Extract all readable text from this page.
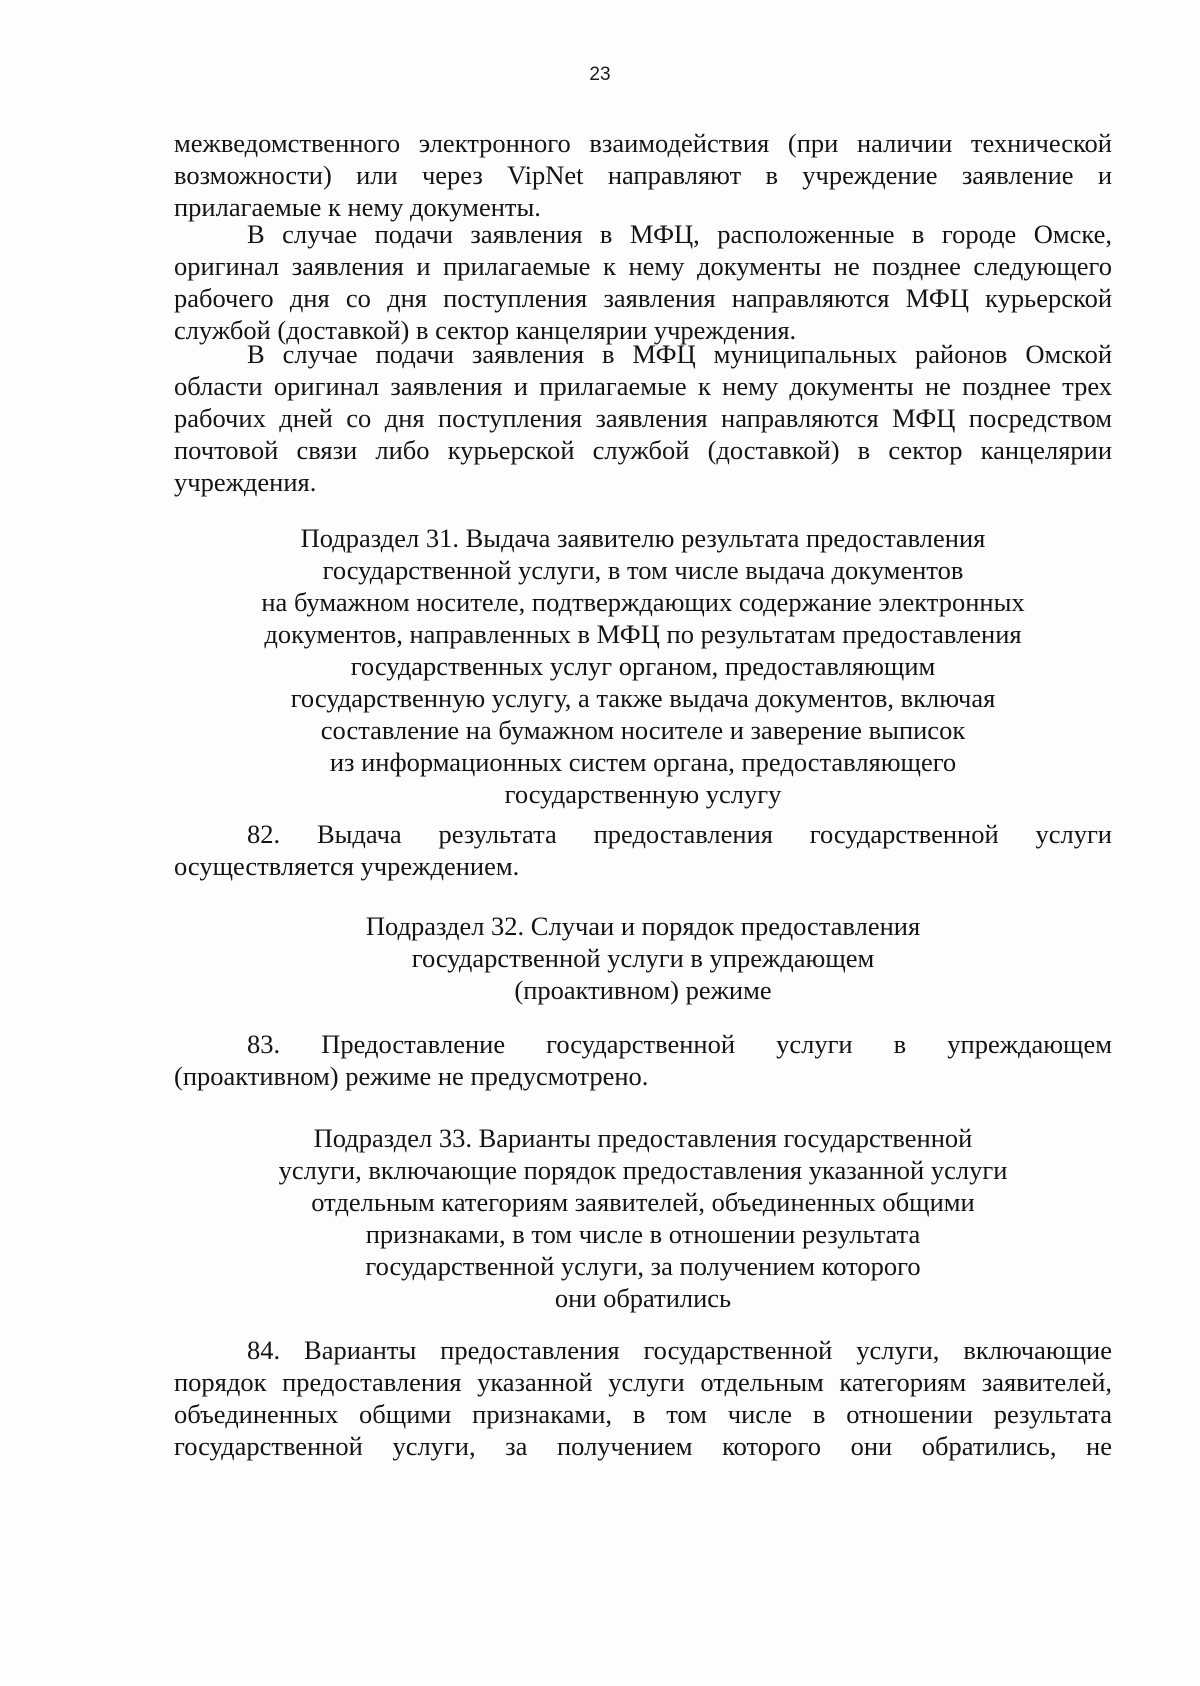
23
межведомственного электронного взаимодействия (при наличии технической
возможности) или через VipNet направляют в учреждение заявление и
прилагаемые к нему документы.
В случае подачи заявления в МФЦ, расположенные в городе Омске,
оригинал заявления и прилагаемые к нему документы не позднее следующего
рабочего дня со дня поступления заявления направляются МФЦ курьерской
службой (доставкой) в сектор канцелярии учреждения.
В случае подачи заявления в МФЦ муниципальных районов Омской
области оригинал заявления и прилагаемые к нему документы не позднее трех
рабочих дней со дня поступления заявления направляются МФЦ посредством
почтовой связи либо курьерской службой (доставкой) в сектор канцелярии
учреждения.
Подраздел 31. Выдача заявителю результата предоставления
государственной услуги, в том числе выдача документов
на бумажном носителе, подтверждающих содержание электронных
документов, направленных в МФЦ по результатам предоставления
государственных услуг органом, предоставляющим
государственную услугу, а также выдача документов, включая
составление на бумажном носителе и заверение выписок
из информационных систем органа, предоставляющего
государственную услугу
82. Выдача результата предоставления государственной услуги
осуществляется учреждением.
Подраздел 32. Случаи и порядок предоставления
государственной услуги в упреждающем
(проактивном) режиме
83. Предоставление государственной услуги в упреждающем
(проактивном) режиме не предусмотрено.
Подраздел 33. Варианты предоставления государственной
услуги, включающие порядок предоставления указанной услуги
отдельным категориям заявителей, объединенных общими
признаками, в том числе в отношении результата
государственной услуги, за получением которого
они обратились
84. Варианты предоставления государственной услуги, включающие
порядок предоставления указанной услуги отдельным категориям заявителей,
объединенных общими признаками, в том числе в отношении результата
государственной услуги, за получением которого они обратились, не
